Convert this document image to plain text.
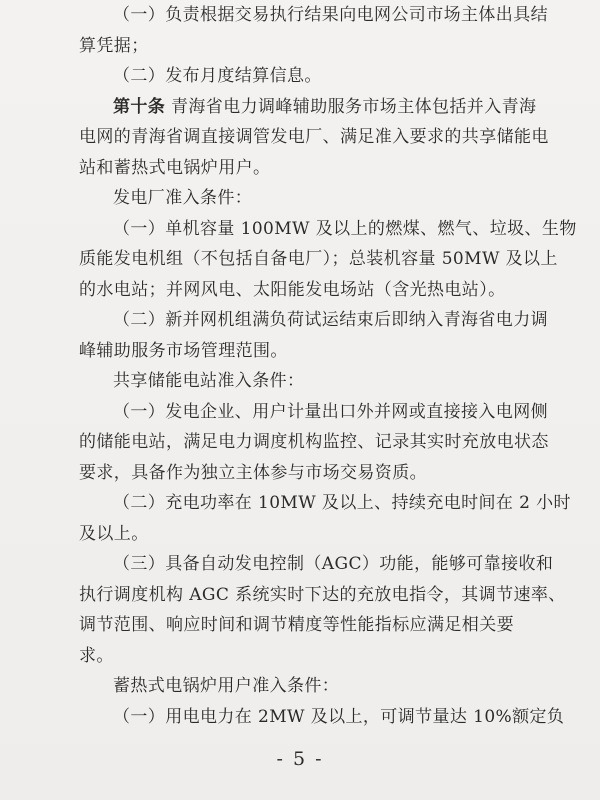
- 5 -
（一）负责根据交易执行结果向电网公司市场主体出具结
算凭据；
（二）发布月度结算信息。
第十条 青海省电力调峰辅助服务市场主体包括并入青海
电网的青海省调直接调管发电厂、满足准入要求的共享储能电
站和蓄热式电锅炉用户。
发电厂准入条件：
（一）单机容量 100MW 及以上的燃煤、燃气、垃圾、生物
质能发电机组（不包括自备电厂）；总装机容量 50MW 及以上
的水电站；并网风电、太阳能发电场站（含光热电站）。
（二）新并网机组满负荷试运结束后即纳入青海省电力调
峰辅助服务市场管理范围。
共享储能电站准入条件：
（一）发电企业、用户计量出口外并网或直接接入电网侧
的储能电站，满足电力调度机构监控、记录其实时充放电状态
要求，具备作为独立主体参与市场交易资质。
（二）充电功率在 10MW 及以上、持续充电时间在 2 小时
及以上。
（三）具备自动发电控制（AGC）功能，能够可靠接收和
执行调度机构 AGC 系统实时下达的充放电指令，其调节速率、
调节范围、响应时间和调节精度等性能指标应满足相关要
求。
蓄热式电锅炉用户准入条件：
（一）用电电力在 2MW 及以上，可调节量达 10%额定负
